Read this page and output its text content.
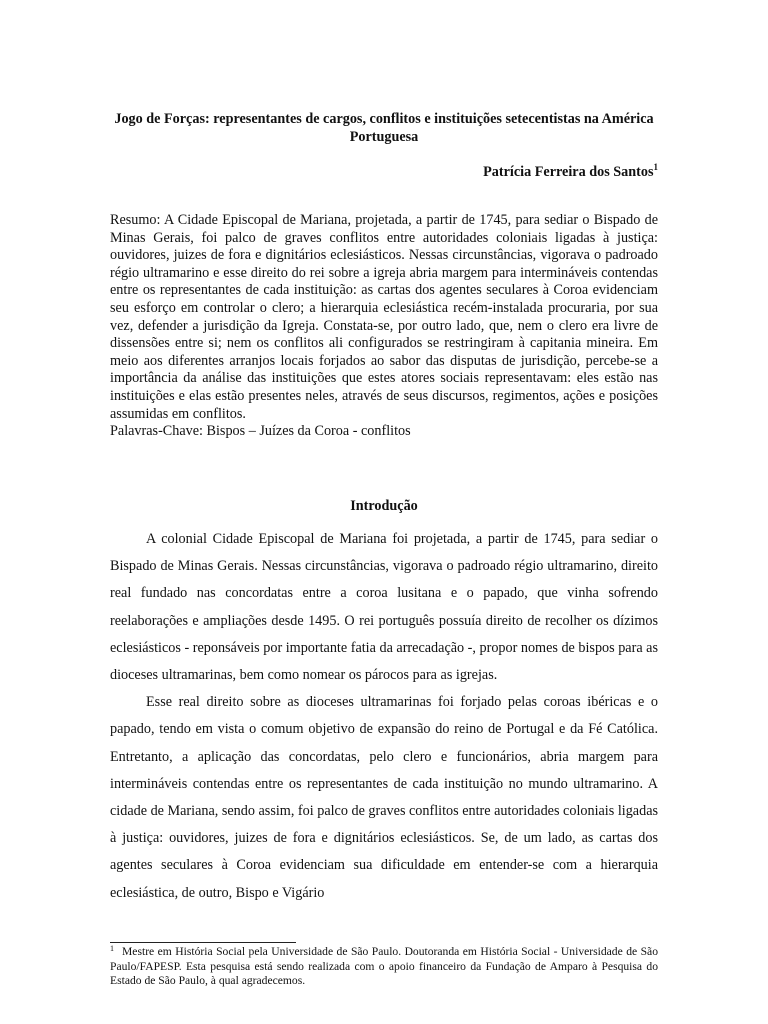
Jogo de Forças: representantes de cargos, conflitos e instituições setecentistas na América Portuguesa
Patrícia Ferreira dos Santos$^1$

Resumo: A Cidade Episcopal de Mariana, projetada, a partir de 1745, para sediar o Bispado de Minas Gerais, foi palco de graves conflitos entre autoridades coloniais ligadas à justiça: ouvidores, juizes de fora e dignitários eclesiásticos. Nessas circunstâncias, vigorava o padroado régio ultramarino e esse direito do rei sobre a igreja abria margem para intermináveis contendas entre os representantes de cada instituição: as cartas dos agentes seculares à Coroa evidenciam seu esforço em controlar o clero; a hierarquia eclesiástica recém-instalada procuraria, por sua vez, defender a jurisdição da Igreja. Constata-se, por outro lado, que, nem o clero era livre de dissensões entre si; nem os conflitos ali configurados se restringiram à capitania mineira. Em meio aos diferentes arranjos locais forjados ao sabor das disputas de jurisdição, percebe-se a importância da análise das instituições que estes atores sociais representavam: eles estão nas instituições e elas estão presentes neles, através de seus discursos, regimentos, ações e posições assumidas em conflitos.

Palavras-Chave: Bispos – Juízes da Coroa - conflitos

Introdução

A colonial Cidade Episcopal de Mariana foi projetada, a partir de 1745, para sediar o Bispado de Minas Gerais. Nessas circunstâncias, vigorava o padroado régio ultramarino, direito real fundado nas concordatas entre a coroa lusitana e o papado, que vinha sofrendo reelaborações e ampliações desde 1495. O rei português possuía direito de recolher os dízimos eclesiásticos - reponsáveis por importante fatia da arrecadação -, propor nomes de bispos para as dioceses ultramarinas, bem como nomear os párocos para as igrejas.

Esse real direito sobre as dioceses ultramarinas foi forjado pelas coroas ibéricas e o papado, tendo em vista o comum objetivo de expansão do reino de Portugal e da Fé Católica. Entretanto, a aplicação das concordatas, pelo clero e funcionários, abria margem para intermináveis contendas entre os representantes de cada instituição no mundo ultramarino. A cidade de Mariana, sendo assim, foi palco de graves conflitos entre autoridades coloniais ligadas à justiça: ouvidores, juizes de fora e dignitários eclesiásticos. Se, de um lado, as cartas dos agentes seculares à Coroa evidenciam sua dificuldade em entender-se com a hierarquia eclesiástica, de outro, Bispo e Vigário

$^1$ Mestre em História Social pela Universidade de São Paulo. Doutoranda em História Social - Universidade de São Paulo/FAPESP. Esta pesquisa está sendo realizada com o apoio financeiro da Fundação de Amparo à Pesquisa do Estado de São Paulo, à qual agradecemos.
